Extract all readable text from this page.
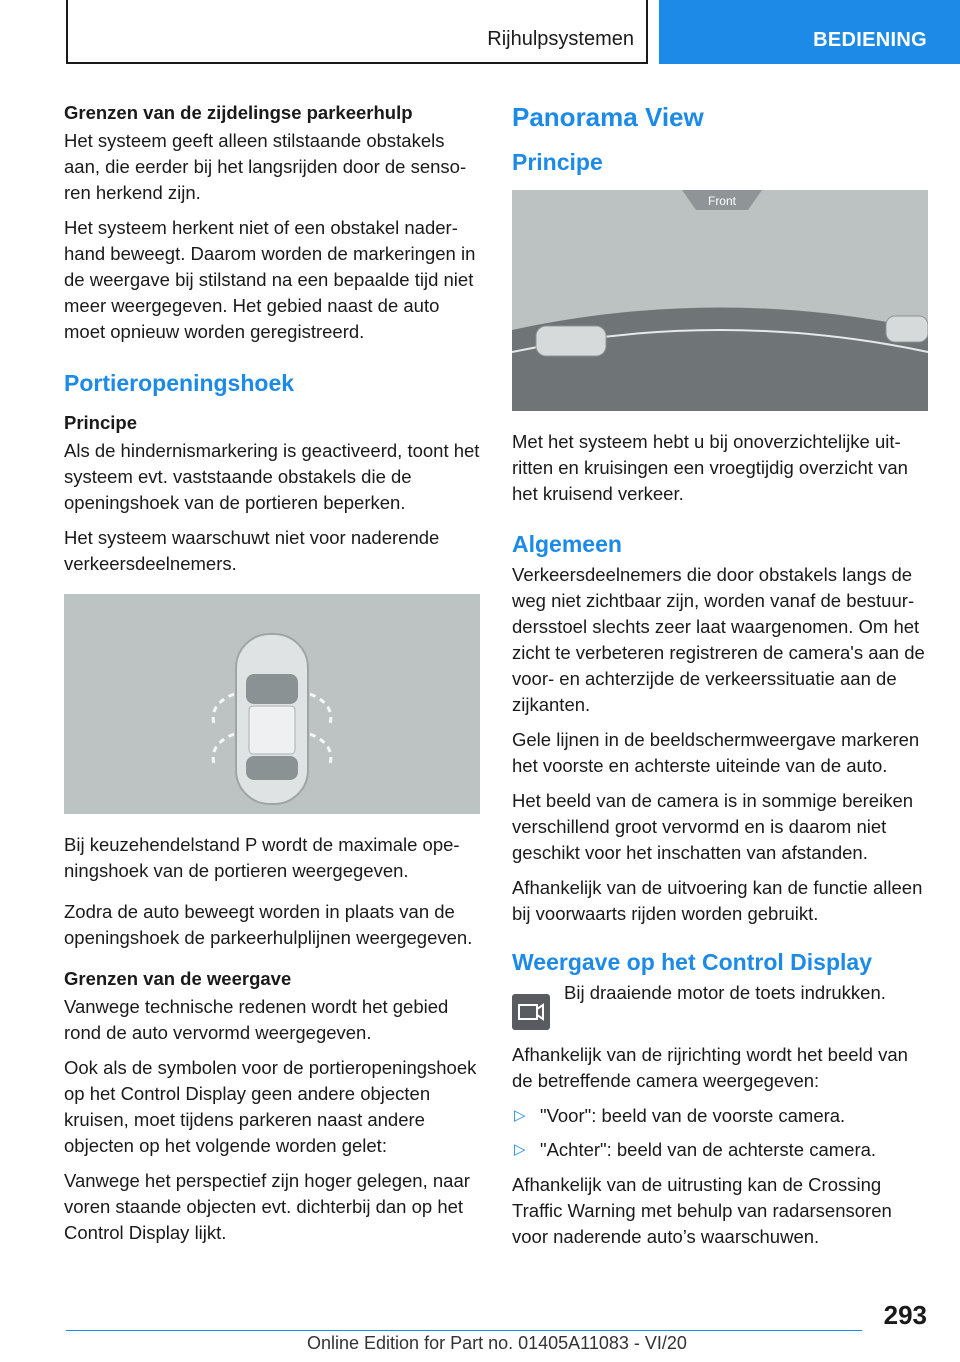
Rijhulpsystemen	BEDIENING
Grenzen van de zijdelingse parkeerhulp

Het systeem geeft alleen stilstaande obstakels aan, die eerder bij het langsrijden door de sensoren herkend zijn.

Het systeem herkent niet of een obstakel naderhand beweegt. Daarom worden de markeringen in de weergave bij stilstand na een bepaalde tijd niet meer weergegeven. Het gebied naast de auto moet opnieuw worden geregistreerd.

Portieropeningshoek
Principe

Als de hindernismarkering is geactiveerd, toont het systeem evt. vaststaande obstakels die de openingshoek van de portieren beperken.

Het systeem waarschuwt niet voor naderende verkeersdeelnemers.

Bij keuzehendelstand P wordt de maximale openingshoek van de portieren weergegeven.

Zodra de auto beweegt worden in plaats van de openingshoek de parkeerhulplijnen weergegeven.

Grenzen van de weergave

Vanwege technische redenen wordt het gebied rond de auto vervormd weergegeven.

Ook als de symbolen voor de portieropeningshoek op het Control Display geen andere objecten kruisen, moet tijdens parkeren naast andere objecten op het volgende worden gelet:

Vanwege het perspectief zijn hoger gelegen, naar voren staande objecten evt. dichterbij dan op het Control Display lijkt.

Panorama View
Principe
Front

Met het systeem hebt u bij onoverzichtelijke uitritten en kruisingen een vroegtijdig overzicht van het kruisend verkeer.

Algemeen

Verkeersdeelnemers die door obstakels langs de weg niet zichtbaar zijn, worden vanaf de bestuurdersstoel slechts zeer laat waargenomen. Om het zicht te verbeteren registreren de camera's aan de voor- en achterzijde de verkeerssituatie aan de zijkanten.

Gele lijnen in de beeldschermweergave markeren het voorste en achterste uiteinde van de auto.

Het beeld van de camera is in sommige bereiken verschillend groot vervormd en is daarom niet geschikt voor het inschatten van afstanden.

Afhankelijk van de uitvoering kan de functie alleen bij voorwaarts rijden worden gebruikt.

Weergave op het Control Display
Bij draaiende motor de toets indrukken.

Afhankelijk van de rijrichting wordt het beeld van de betreffende camera weergegeven:

▷ "Voor": beeld van de voorste camera.
▷ "Achter": beeld van de achterste camera.

Afhankelijk van de uitrusting kan de Crossing Traffic Warning met behulp van radarsensoren voor naderende auto’s waarschuwen.

293
Online Edition for Part no. 01405A11083 - VI/20
